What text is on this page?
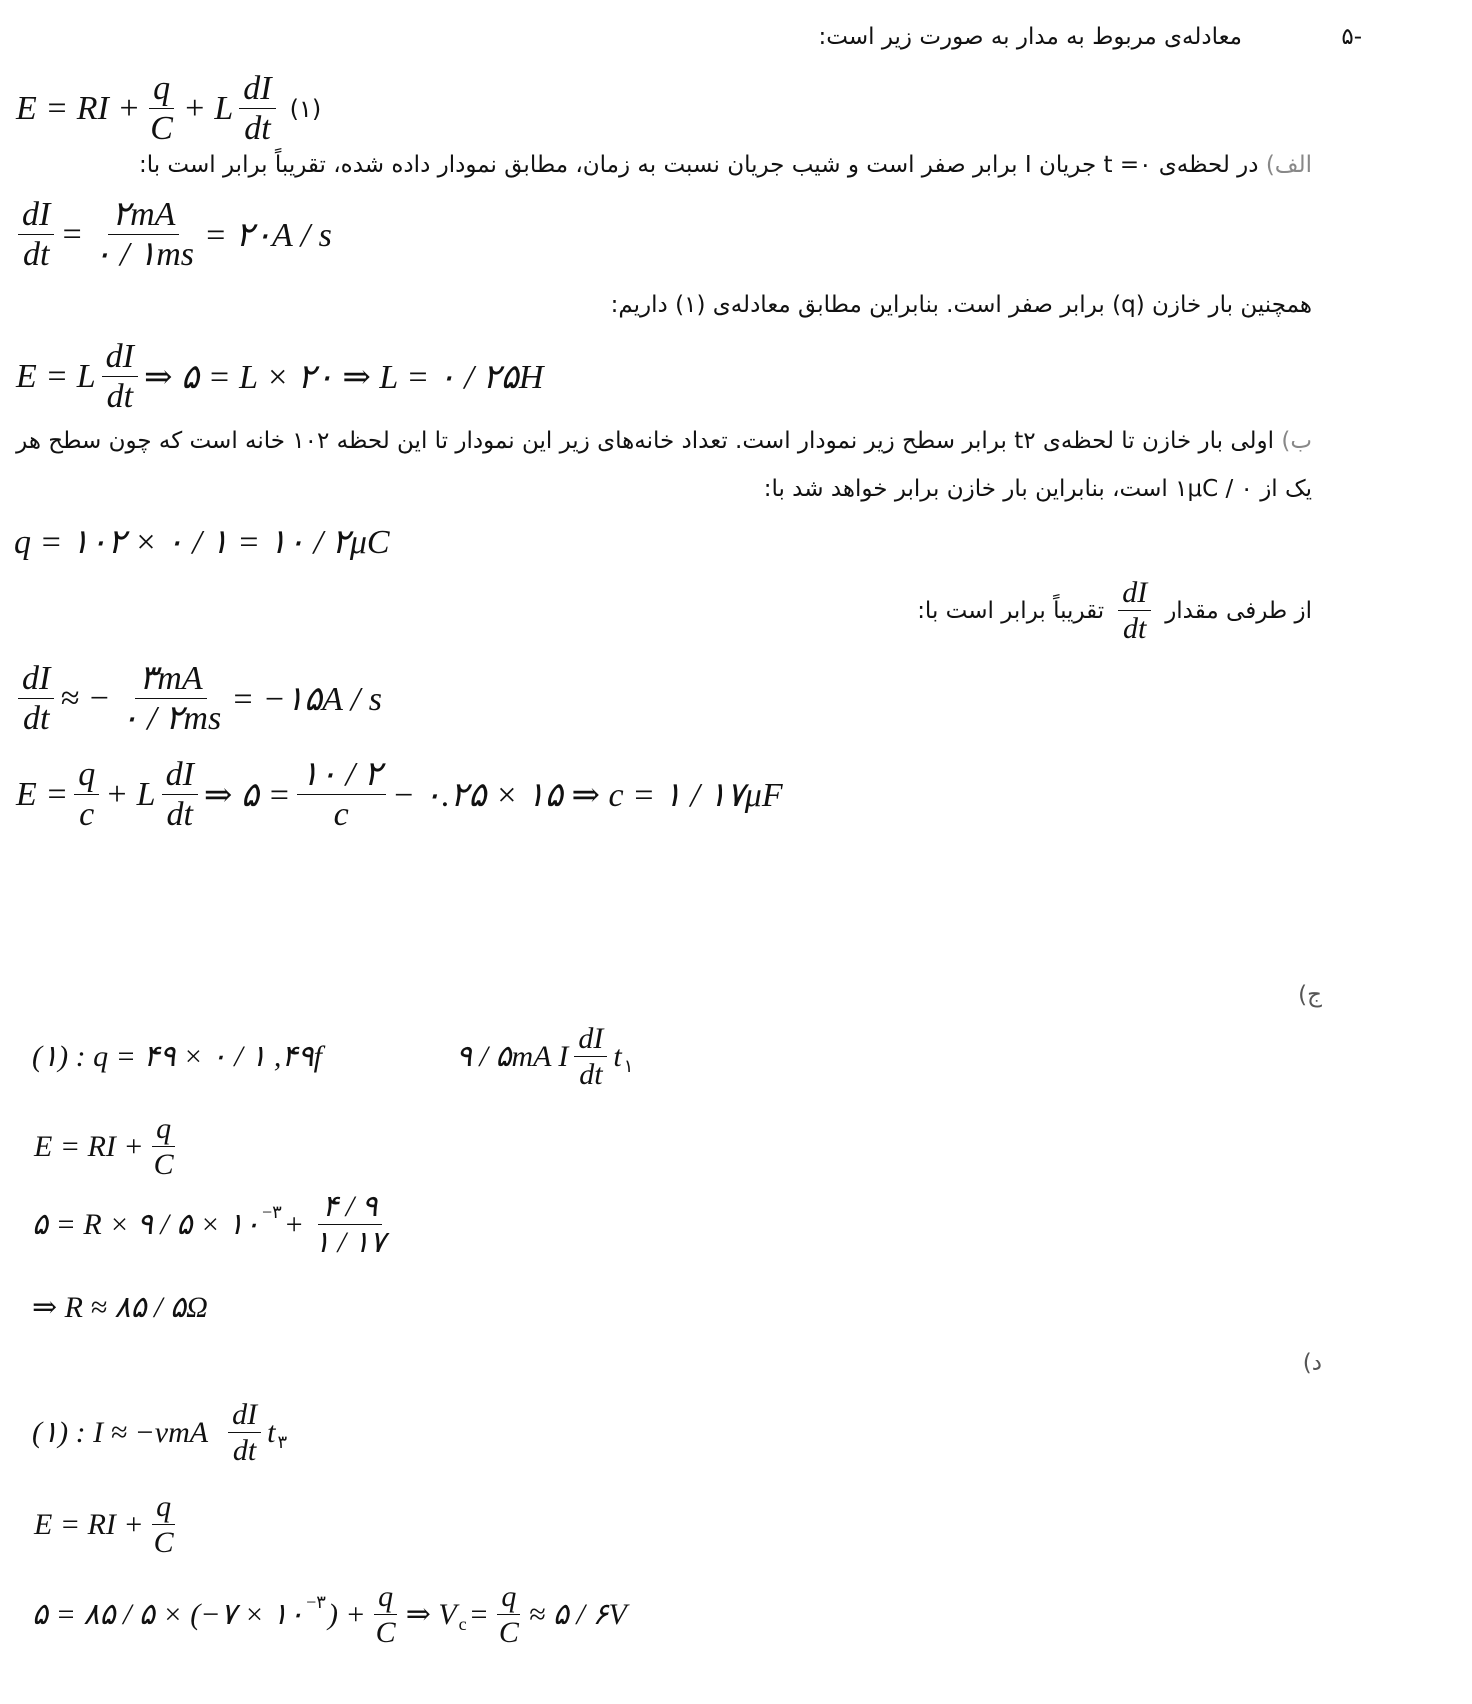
-۵
معادله‌ی مربوط به مدار به صورت زیر است:
E = RI + $\frac{q}{C} + L \frac{dI}{dt}$ (۱)
الف) در لحظه‌ی t =۰ جریان I برابر صفر است و شیب جریان نسبت به زمان، مطابق نمودار داده شده، تقریباً برابر است با:
$\frac{dI}{dt} = \frac{۲mA}{۰ / ۱ms}$ = ۲۰A / s
همچنین بار خازن (q) برابر صفر است. بنابراین مطابق معادله‌ی (۱) داریم:
E = L $\frac{dI}{dt}$ ⇒ ۵ = L × ۲۰ ⇒ L = ۰ / ۲۵H
ب) اولی بار خازن تا لحظه‌ی t۲ برابر سطح زیر نمودار است. تعداد خانه‌های زیر این نمودار تا این لحظه ۱۰۲ خانه است که چون سطح هر
یک از ۰ / ۱μC است، بنابراین بار خازن برابر خواهد شد با:
q = ۱۰۲ × ۰ / ۱ = ۱۰ / ۲μC
از طرفی مقدار
$\frac{dI}{dt}$
تقریباً برابر است با:
$\frac{dI}{dt}$ ≈ − $\frac{۳mA}{۰ / ۲ms}$ = −۱۵A / s
$E = \frac{q}{c} + L \frac{dI}{dt}$ ⇒ ۵ = $\frac{۱۰ / ۲}{c}$ − ۰.۲۵ × ۱۵ ⇒ c = ۱ / ۱۷μF
ج)
(۱) : q = ۴۹ × ۰ / ۱ ,۴۹f	۹ / ۵mA I $\frac{dI}{dt}$ t ۱
E = RI + $\frac{q}{C}$
۵ = R × ۹ / ۵ × ۱۰ −۳ + $\frac{۴ / ۹}{۱ / ۱۷}$
⇒ R ≈ ۸۵ / ۵Ω
د)
(۱) : $I \approx -vmA \frac{dI}{dt}$ t ۳
E = RI + $\frac{q}{C}$
۵ = ۸۵ / ۵ × (−۷ × ۱۰ −۳ ) + $\frac{q}{C}$ ⇒ V $c = \frac{q}{C}$ ≈ ۵ / ۶V
